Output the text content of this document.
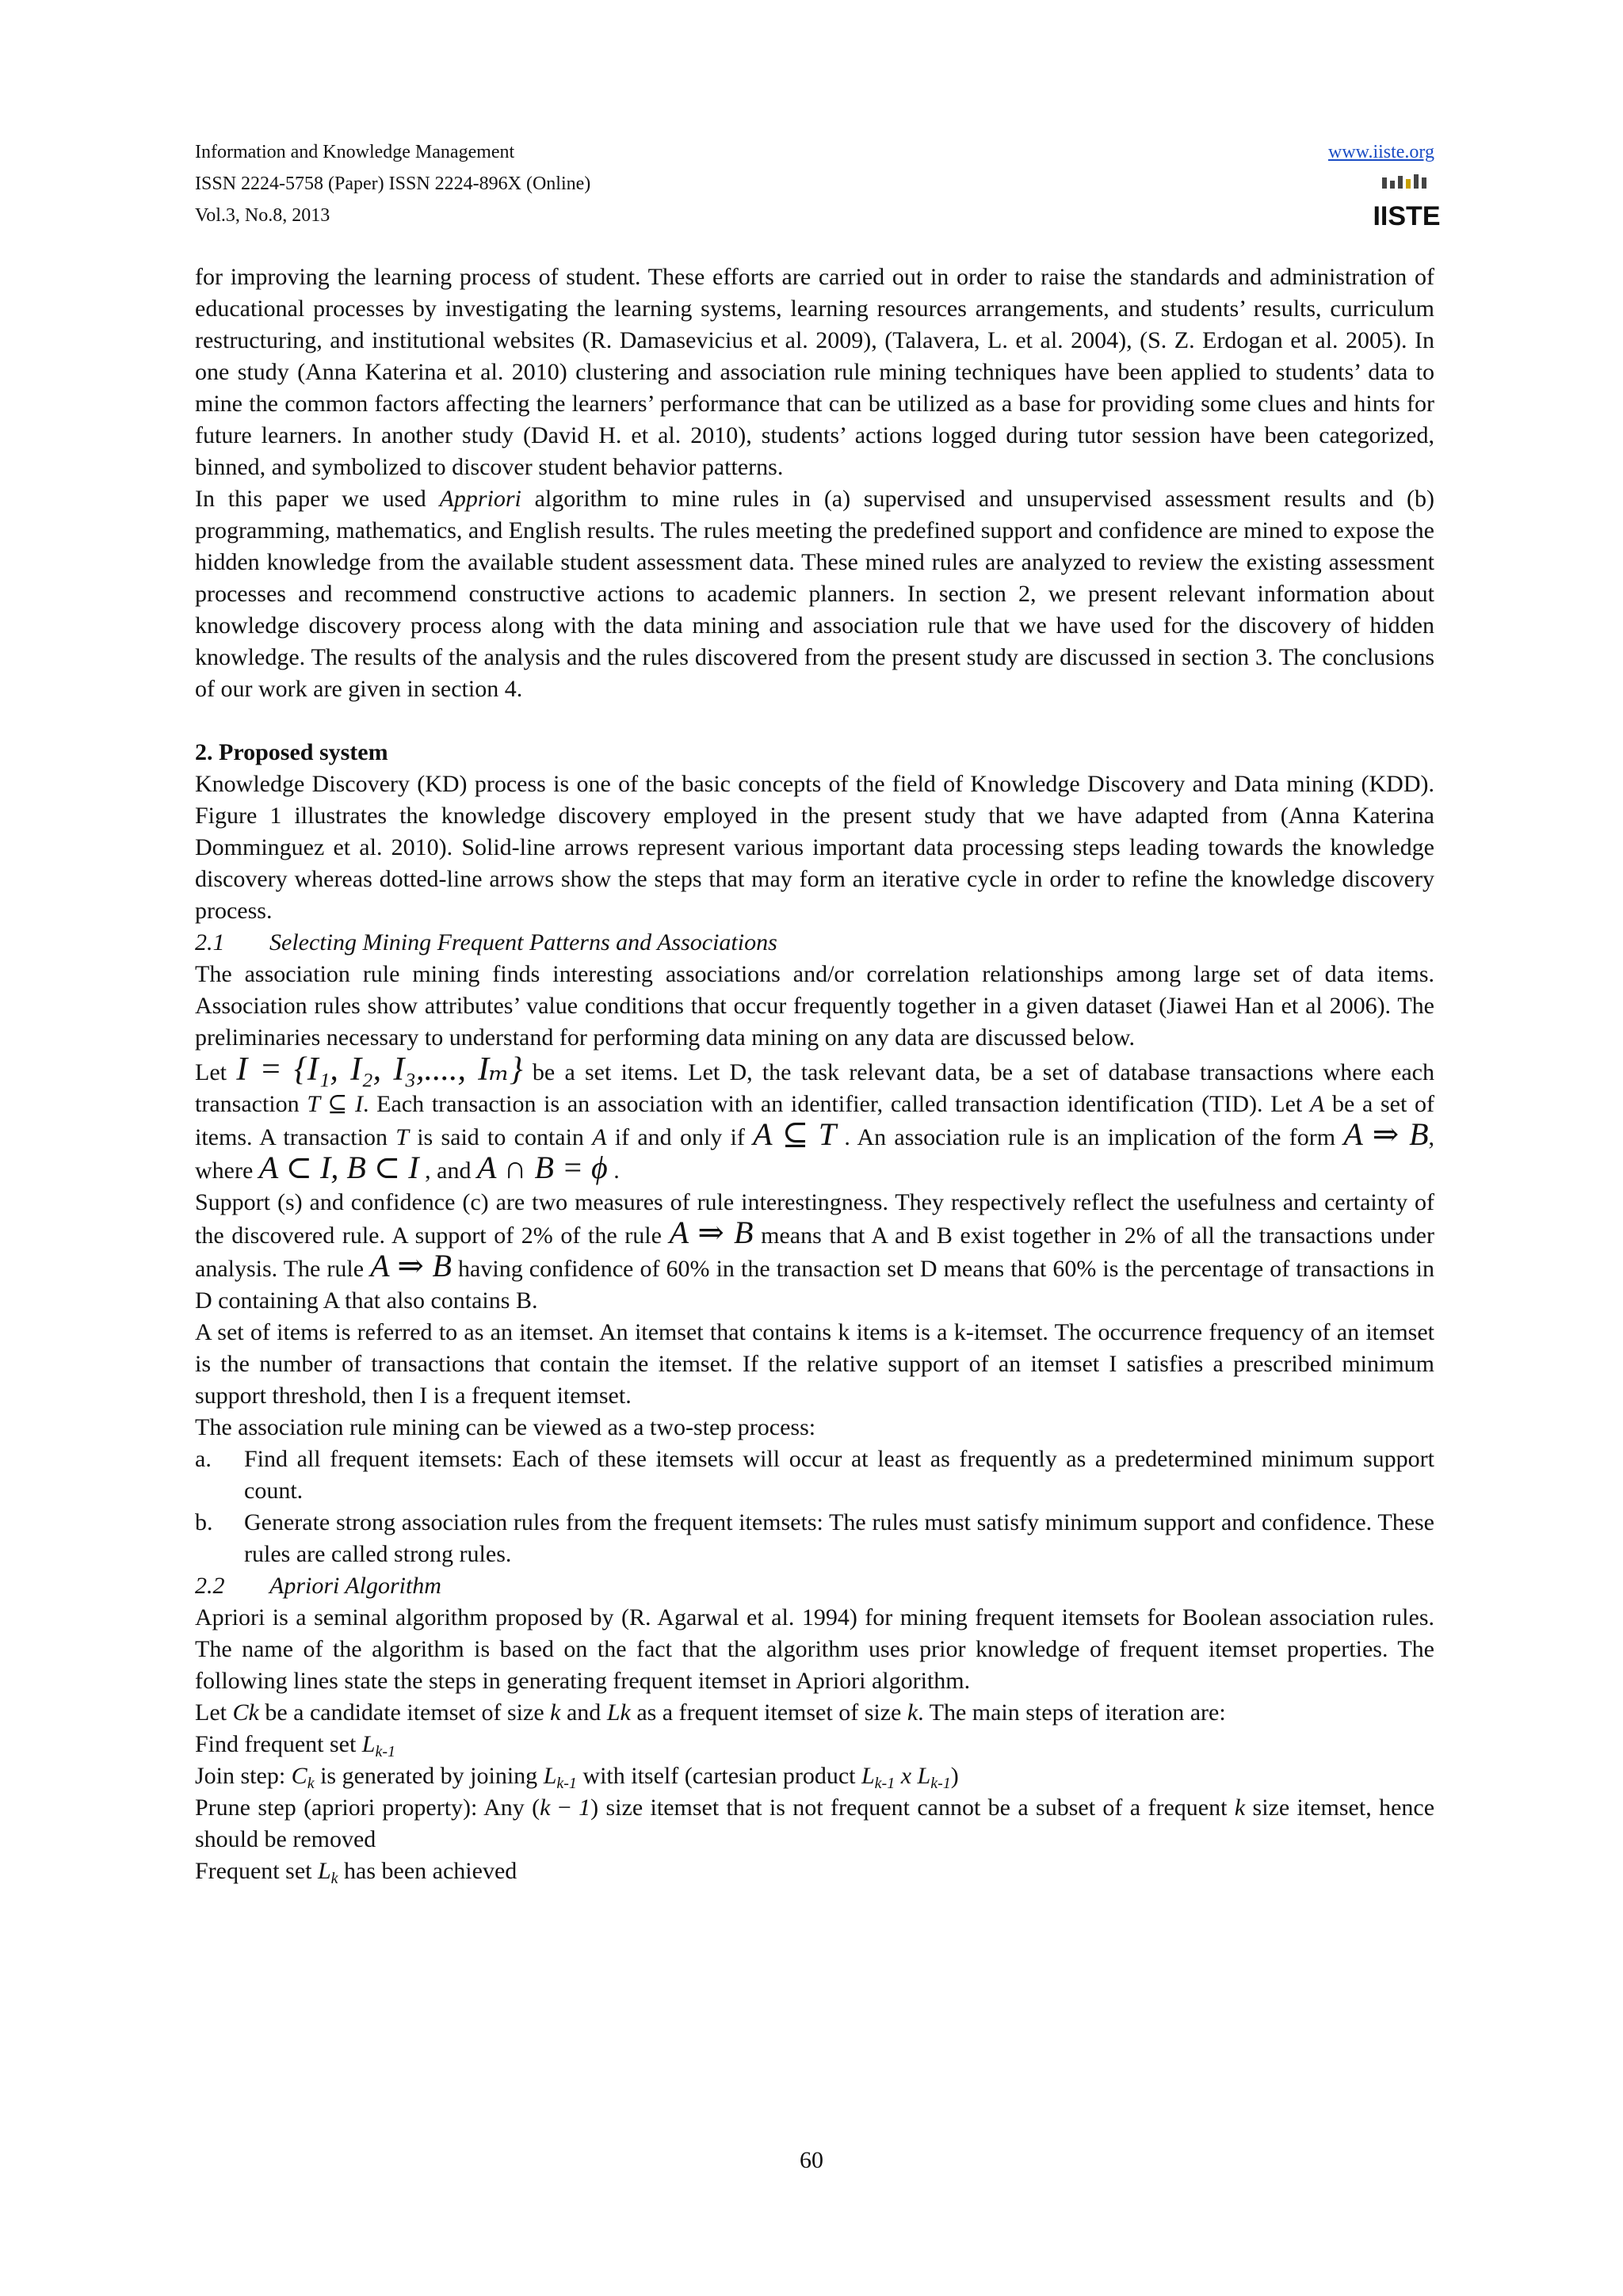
Information and Knowledge Management
ISSN 2224-5758 (Paper) ISSN 2224-896X (Online)
Vol.3, No.8, 2013
www.iiste.org
IISTE

for improving the learning process of student. These efforts are carried out in order to raise the standards and administration of educational processes by investigating the learning systems, learning resources arrangements, and students’ results, curriculum restructuring, and institutional websites (R. Damasevicius et al. 2009), (Talavera, L. et al. 2004), (S. Z. Erdogan et al. 2005). In one study (Anna Katerina et al. 2010) clustering and association rule mining techniques have been applied to students’ data to mine the common factors affecting the learners’ performance that can be utilized as a base for providing some clues and hints for future learners. In another study (David H. et al. 2010), students’ actions logged during tutor session have been categorized, binned, and symbolized to discover student behavior patterns.

In this paper we used Appriori algorithm to mine rules in (a) supervised and unsupervised assessment results and (b) programming, mathematics, and English results. The rules meeting the predefined support and confidence are mined to expose the hidden knowledge from the available student assessment data. These mined rules are analyzed to review the existing assessment processes and recommend constructive actions to academic planners. In section 2, we present relevant information about knowledge discovery process along with the data mining and association rule that we have used for the discovery of hidden knowledge. The results of the analysis and the rules discovered from the present study are discussed in section 3. The conclusions of our work are given in section 4.

2. Proposed system

Knowledge Discovery (KD) process is one of the basic concepts of the field of Knowledge Discovery and Data mining (KDD). Figure 1 illustrates the knowledge discovery employed in the present study that we have adapted from (Anna Katerina Domminguez et al. 2010). Solid-line arrows represent various important data processing steps leading towards the knowledge discovery whereas dotted-line arrows show the steps that may form an iterative cycle in order to refine the knowledge discovery process.

2.1 Selecting Mining Frequent Patterns and Associations

The association rule mining finds interesting associations and/or correlation relationships among large set of data items. Association rules show attributes’ value conditions that occur frequently together in a given dataset (Jiawei Han et al 2006). The preliminaries necessary to understand for performing data mining on any data are discussed below.

Let I = {I₁, I₂, I₃,...., Iₘ} be a set items. Let D, the task relevant data, be a set of database transactions where each transaction T ⊆ I. Each transaction is an association with an identifier, called transaction identification (TID). Let A be a set of items. A transaction T is said to contain A if and only if A ⊆ T . An association rule is an implication of the form A ⇒ B, where A ⊂ I, B ⊂ I , and A ∩ B = ϕ .

Support (s) and confidence (c) are two measures of rule interestingness. They respectively reflect the usefulness and certainty of the discovered rule. A support of 2% of the rule A ⇒ B means that A and B exist together in 2% of all the transactions under analysis. The rule A ⇒ B having confidence of 60% in the transaction set D means that 60% is the percentage of transactions in D containing A that also contains B.

A set of items is referred to as an itemset. An itemset that contains k items is a k-itemset. The occurrence frequency of an itemset is the number of transactions that contain the itemset. If the relative support of an itemset I satisfies a prescribed minimum support threshold, then I is a frequent itemset.

The association rule mining can be viewed as a two-step process:

a. Find all frequent itemsets: Each of these itemsets will occur at least as frequently as a predetermined minimum support count.
b. Generate strong association rules from the frequent itemsets: The rules must satisfy minimum support and confidence. These rules are called strong rules.

2.2 Apriori Algorithm

Apriori is a seminal algorithm proposed by (R. Agarwal et al. 1994) for mining frequent itemsets for Boolean association rules. The name of the algorithm is based on the fact that the algorithm uses prior knowledge of frequent itemset properties. The following lines state the steps in generating frequent itemset in Apriori algorithm.

Let Ck be a candidate itemset of size k and Lk as a frequent itemset of size k. The main steps of iteration are:

Find frequent set $L_{k-1}$

Join step: $C_k$ is generated by joining $L_{k-1}$ with itself (cartesian product $L_{k-1}$ x $L_{k-1}$)

Prune step (apriori property): Any (k − 1) size itemset that is not frequent cannot be a subset of a frequent k size itemset, hence should be removed

Frequent set $L_k$ has been achieved

60
